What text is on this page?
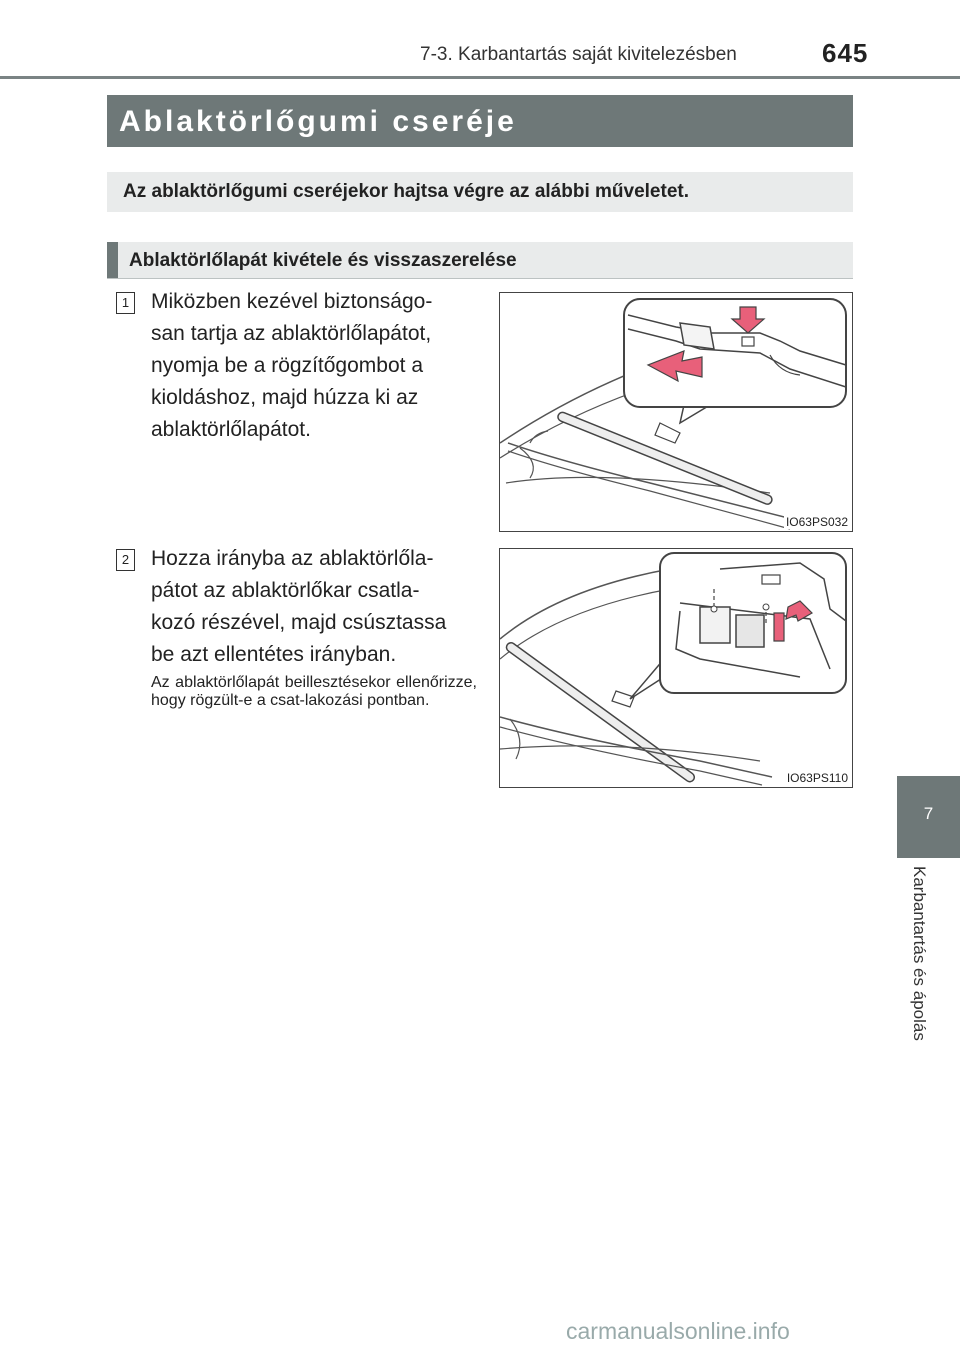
7-3. Karbantartás saját kivitelezésben	645
Ablaktörlőgumi cseréje
Az ablaktörlőgumi cseréjekor hajtsa végre az alábbi műveletet.
Ablaktörlőlapát kivétele és visszaszerelése
1 Miközben kezével biztonságo-
san tartja az ablaktörlőlapátot,
nyomja be a rögzítőgombot a
kioldáshoz, majd húzza ki az
ablaktörlőlapátot.
IO63PS032
2 Hozza irányba az ablaktörlőla-
pátot az ablaktörlőkar csatla-
kozó részével, majd csúsztassa
be azt ellentétes irányban.
Az ablaktörlőlapát beillesztésekor ellenőrizze, hogy rögzült-e a csat-lakozási pontban.
IO63PS110
7
Karbantartás és ápolás
carmanualsonline.info
